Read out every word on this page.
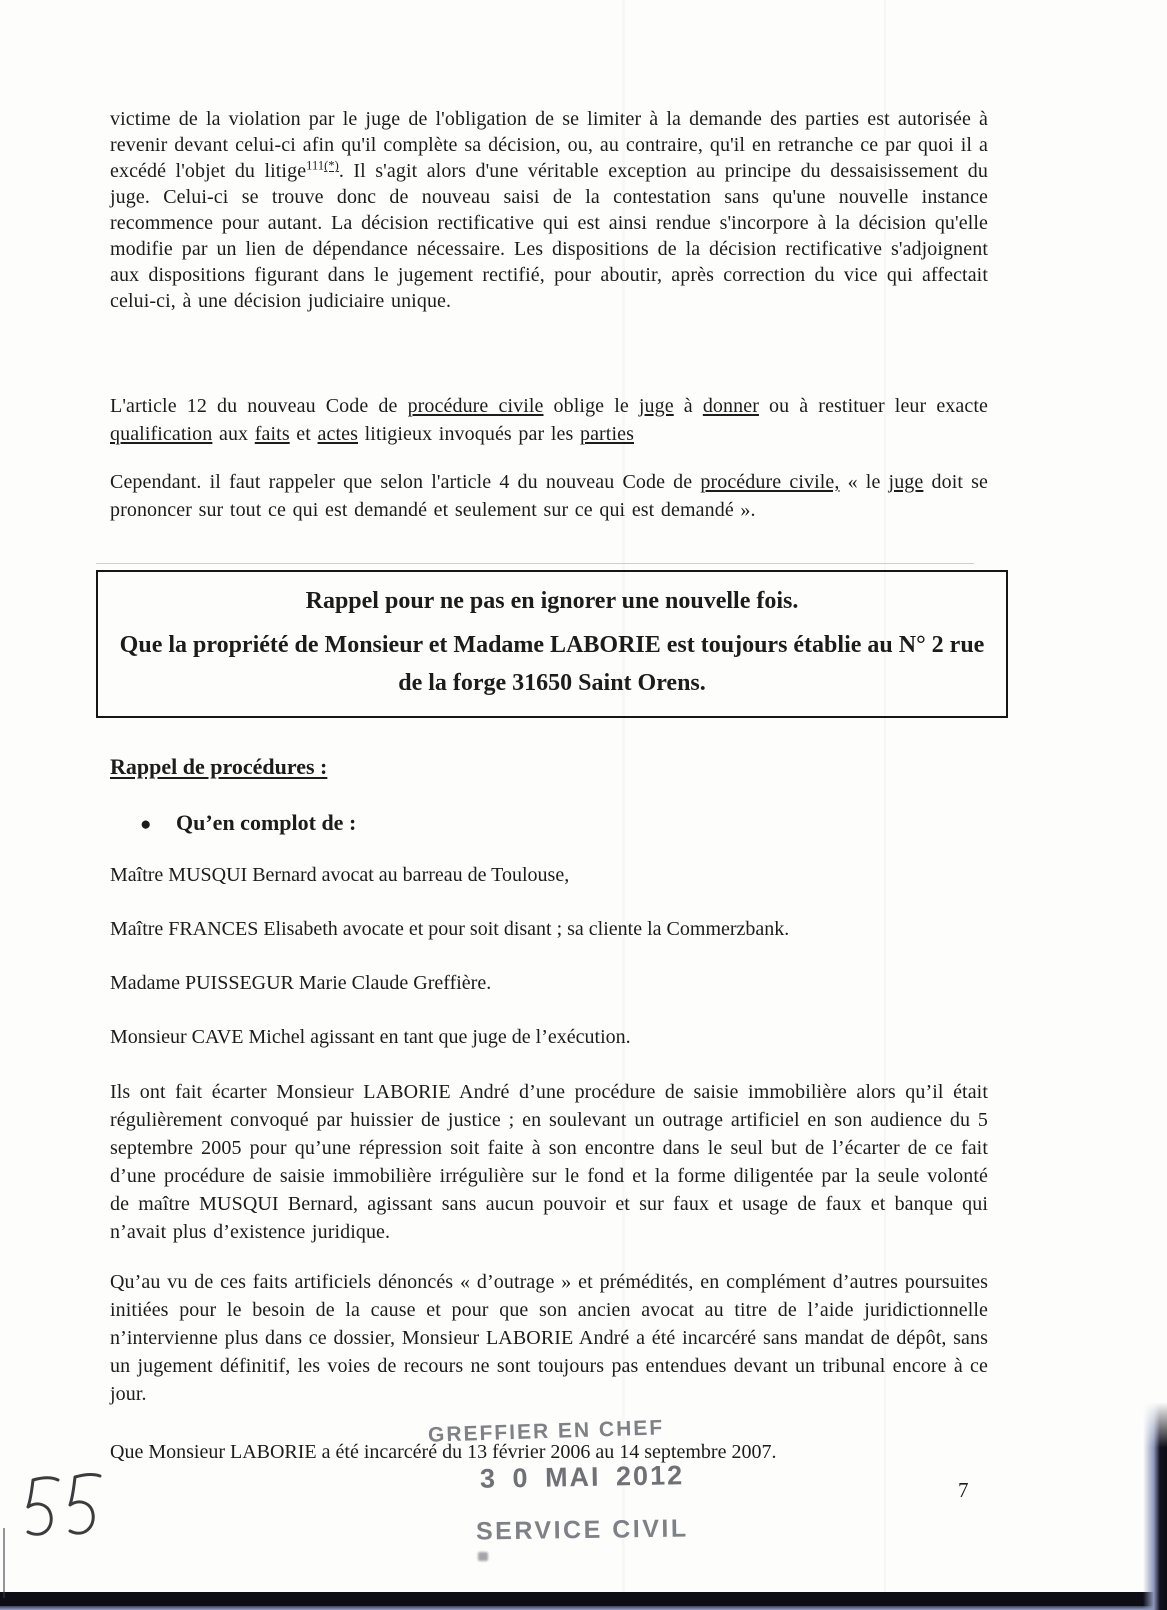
GREFFIER EN CHEF
3 0 MAI 2012
SERVICE CIVIL
victime de la violation par le juge de l'obligation de se limiter à la demande des parties est autorisée à revenir devant celui-ci afin qu'il complète sa décision, ou, au contraire, qu'il en retranche ce par quoi il a excédé l'objet du litige$^{111(*)}$. Il s'agit alors d'une véritable exception au principe du dessaisissement du juge. Celui-ci se trouve donc de nouveau saisi de la contestation sans qu'une nouvelle instance recommence pour autant. La décision rectificative qui est ainsi rendue s'incorpore à la décision qu'elle modifie par un lien de dépendance nécessaire. Les dispositions de la décision rectificative s'adjoignent aux dispositions figurant dans le jugement rectifié, pour aboutir, après correction du vice qui affectait celui-ci, à une décision judiciaire unique.
L'article 12 du nouveau Code de procédure civile oblige le juge à donner ou à restituer leur exacte qualification aux faits et actes litigieux invoqués par les parties
Cependant. il faut rappeler que selon l'article 4 du nouveau Code de procédure civile, « le juge doit se prononcer sur tout ce qui est demandé et seulement sur ce qui est demandé ».
Rappel pour ne pas en ignorer une nouvelle fois.
Que la propriété de Monsieur et Madame LABORIE est toujours établie au N° 2 rue de la forge 31650 Saint Orens.
Rappel de procédures :
●	Qu’en complot de :
Maître MUSQUI Bernard avocat au barreau de Toulouse,
Maître FRANCES Elisabeth avocate et pour soit disant ; sa cliente la Commerzbank.
Madame PUISSEGUR Marie Claude Greffière.
Monsieur CAVE Michel agissant en tant que juge de l’exécution.
Ils ont fait écarter Monsieur LABORIE André d’une procédure de saisie immobilière alors qu’il était régulièrement convoqué par huissier de justice ; en soulevant un outrage artificiel en son audience du 5 septembre 2005 pour qu’une répression soit faite à son encontre dans le seul but de l’écarter de ce fait d’une procédure de saisie immobilière irrégulière sur le fond et la forme diligentée par la seule volonté de maître MUSQUI Bernard, agissant sans aucun pouvoir et sur faux et usage de faux et banque qui n’avait plus d’existence juridique.
Qu’au vu de ces faits artificiels dénoncés « d’outrage » et prémédités, en complément d’autres poursuites initiées pour le besoin de la cause et pour que son ancien avocat au titre de l’aide juridictionnelle n’intervienne plus dans ce dossier, Monsieur LABORIE André a été incarcéré sans mandat de dépôt, sans un jugement définitif, les voies de recours ne sont toujours pas entendues devant un tribunal encore à ce jour.
Que Monsieur LABORIE a été incarcéré du 13 février 2006 au 14 septembre 2007.
7
